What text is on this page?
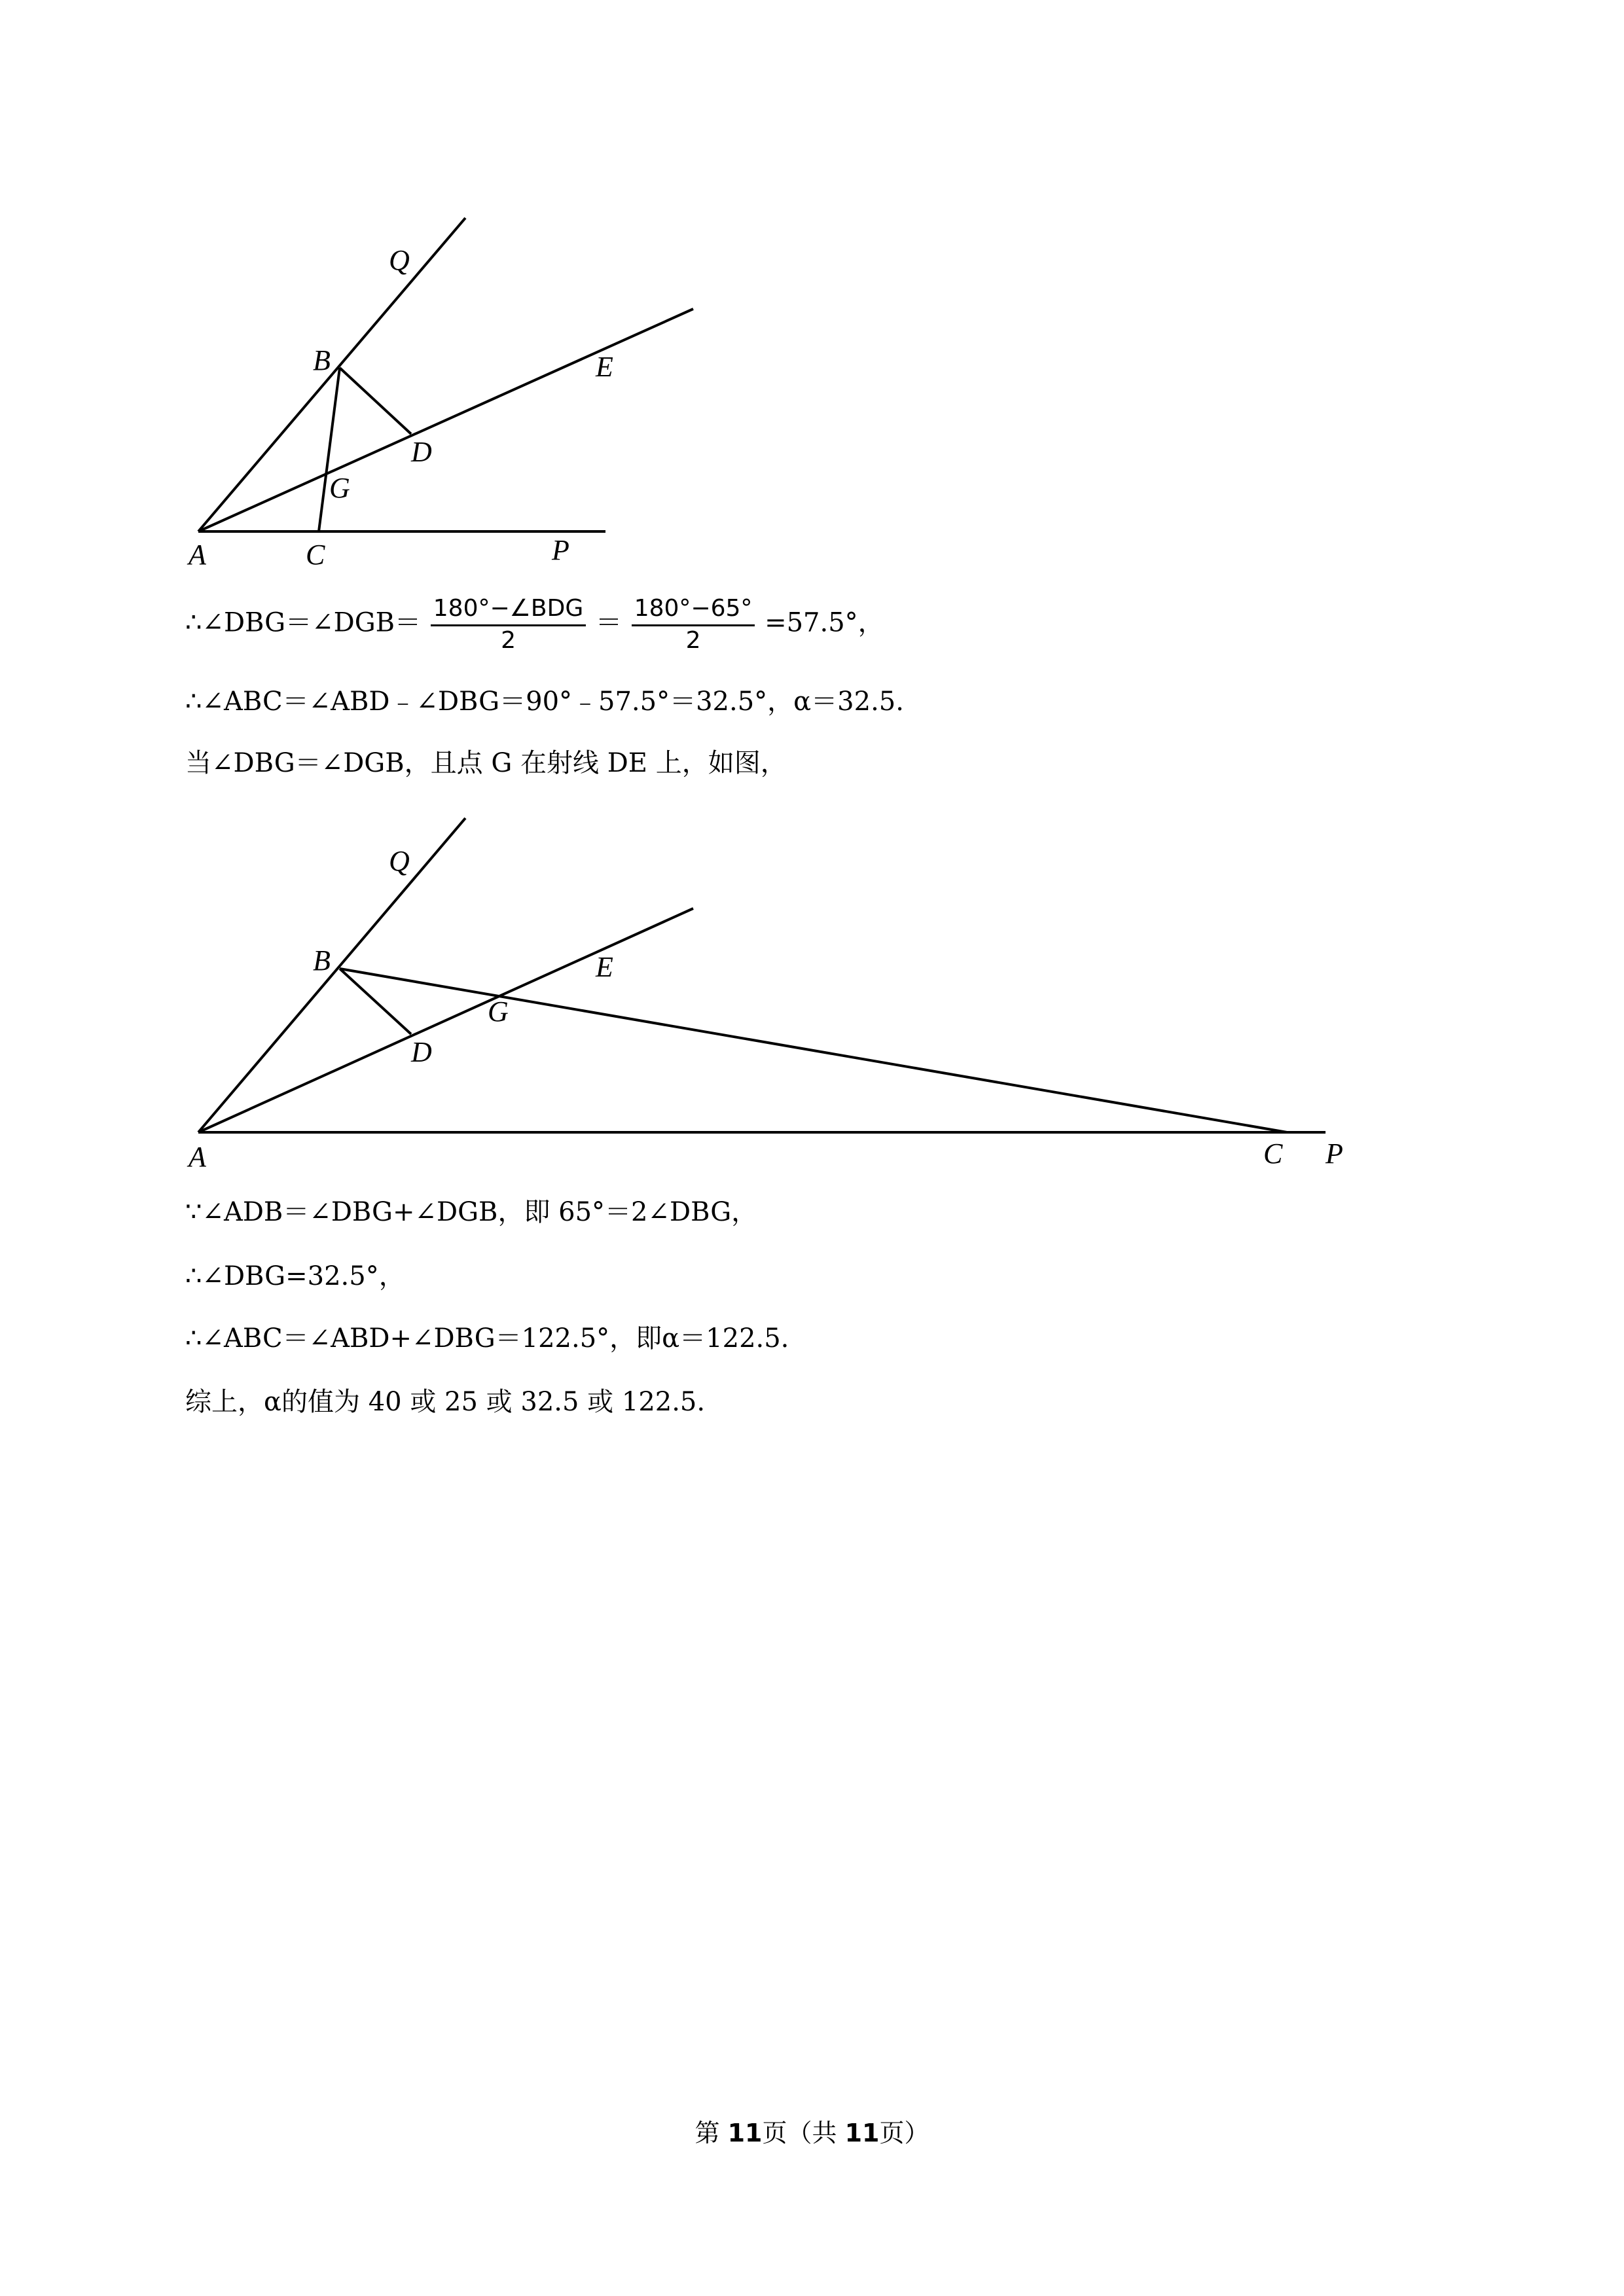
Q
B	E
D
G
A	C	P
∴∠DBG＝∠DGB＝ $\frac{\text{180°−∠BDG}}{2} = \frac{180^\circ-65^\circ}{2} =57.5^\circ$，
∴∠ABC＝∠ABD﹣∠DBG＝90°﹣57.5°＝32.5°，α＝32.5.
当∠DBG＝∠DGB，且点 G 在射线 DE 上，如图，
Q
B	E
G
D
A	C P
∵∠ADB＝∠DBG+∠DGB，即 65°＝2∠DBG，
∴∠DBG=32.5°，
∴∠ABC＝∠ABD+∠DBG＝122.5°，即α＝122.5.
综上，α的值为 40 或 25 或 32.5 或 122.5.
第 11页（共 11页）
